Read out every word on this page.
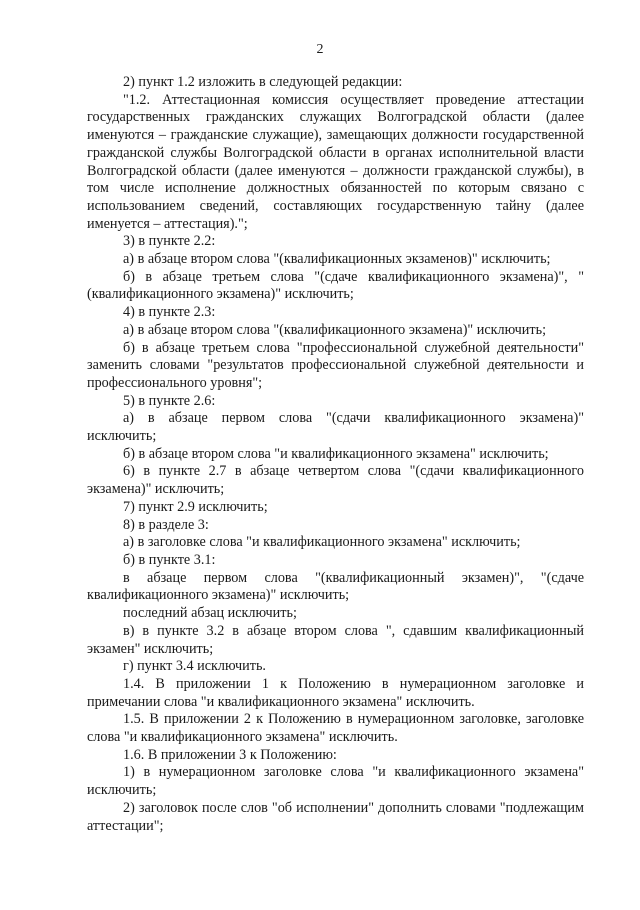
2

2) пункт 1.2 изложить в следующей редакции:

"1.2. Аттестационная комиссия осуществляет проведение аттестации государственных гражданских служащих Волгоградской области (далее именуются – гражданские служащие), замещающих должности государственной гражданской службы Волгоградской области в органах исполнительной власти Волгоградской области (далее именуются – должности гражданской службы), в том числе исполнение должностных обязанностей по которым связано с использованием сведений, составляющих государственную тайну (далее именуется – аттестация).";

3) в пункте 2.2:

а) в абзаце втором слова "(квалификационных экзаменов)" исключить;

б) в абзаце третьем слова "(сдаче квалификационного экзамена)", "(квалификационного экзамена)" исключить;

4) в пункте 2.3:

а) в абзаце втором слова "(квалификационного экзамена)" исключить;

б) в абзаце третьем слова "профессиональной служебной деятельности" заменить словами "результатов профессиональной служебной деятельности и профессионального уровня";

5) в пункте 2.6:

а) в абзаце первом слова "(сдачи квалификационного экзамена)" исключить;

б) в абзаце втором слова "и квалификационного экзамена" исключить;

6) в пункте 2.7 в абзаце четвертом слова "(сдачи квалификационного экзамена)" исключить;

7) пункт 2.9 исключить;

8) в разделе 3:

а) в заголовке слова "и квалификационного экзамена" исключить;

б) в пункте 3.1:

в абзаце первом слова "(квалификационный экзамен)", "(сдаче квалификационного экзамена)" исключить;

последний абзац исключить;

в) в пункте 3.2 в абзаце втором слова ", сдавшим квалификационный экзамен" исключить;

г) пункт 3.4 исключить.

1.4. В приложении 1 к Положению в нумерационном заголовке и примечании слова "и квалификационного экзамена" исключить.

1.5. В приложении 2 к Положению в нумерационном заголовке, заголовке слова "и квалификационного экзамена" исключить.

1.6. В приложении 3 к Положению:

1) в нумерационном заголовке слова "и квалификационного экзамена" исключить;

2) заголовок после слов "об исполнении" дополнить словами "подлежащим аттестации";
